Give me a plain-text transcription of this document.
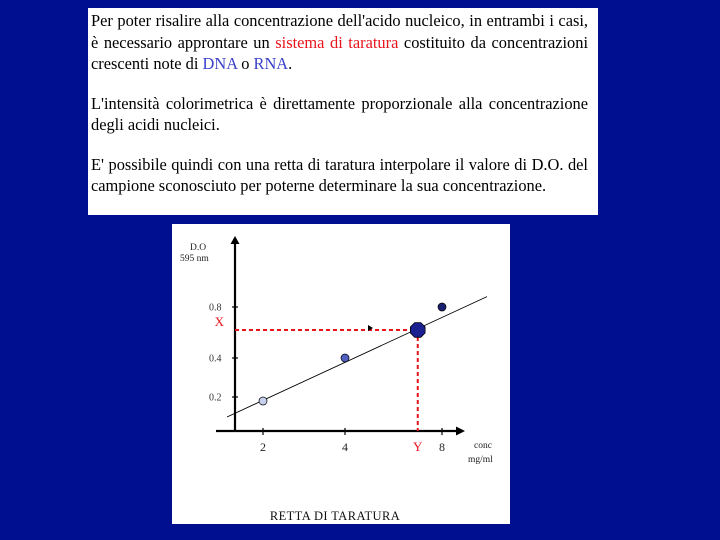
Per poter risalire alla concentrazione dell'acido nucleico, in entrambi i casi, è necessario approntare un sistema di taratura costituito da concentrazioni crescenti note di DNA o RNA.

L'intensità colorimetrica è direttamente proporzionale alla concentrazione degli acidi nucleici.

E' possibile quindi con una retta di taratura interpolare il valore di D.O. del campione sconosciuto per poterne determinare la sua concentrazione.

D.O
595 nm
conc
mg/ml
0.2
0.4
0.8
2	4	8
X
Y
RETTA DI TARATURA
